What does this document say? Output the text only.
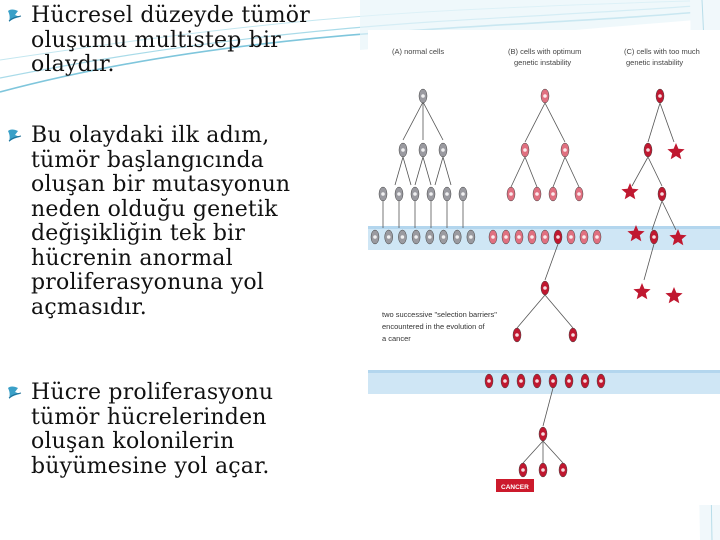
Hücresel düzeyde tümör
oluşumu multistep bir
olaydır.
Bu olaydaki ilk adım,
tümör başlangıcında
oluşan bir mutasyonun
neden olduğu genetik
değişikliğin tek bir
hücrenin anormal
proliferasyonuna yol
açmasıdır.
Hücre proliferasyonu
tümör hücrelerinden
oluşan kolonilerin
büyümesine yol açar.
(A) normal cells	(B) cells with optimum
genetic instability
(C) cells with too much
genetic instability
two successive "selection barriers"
encountered in the evolution of
a cancer
CANCER
